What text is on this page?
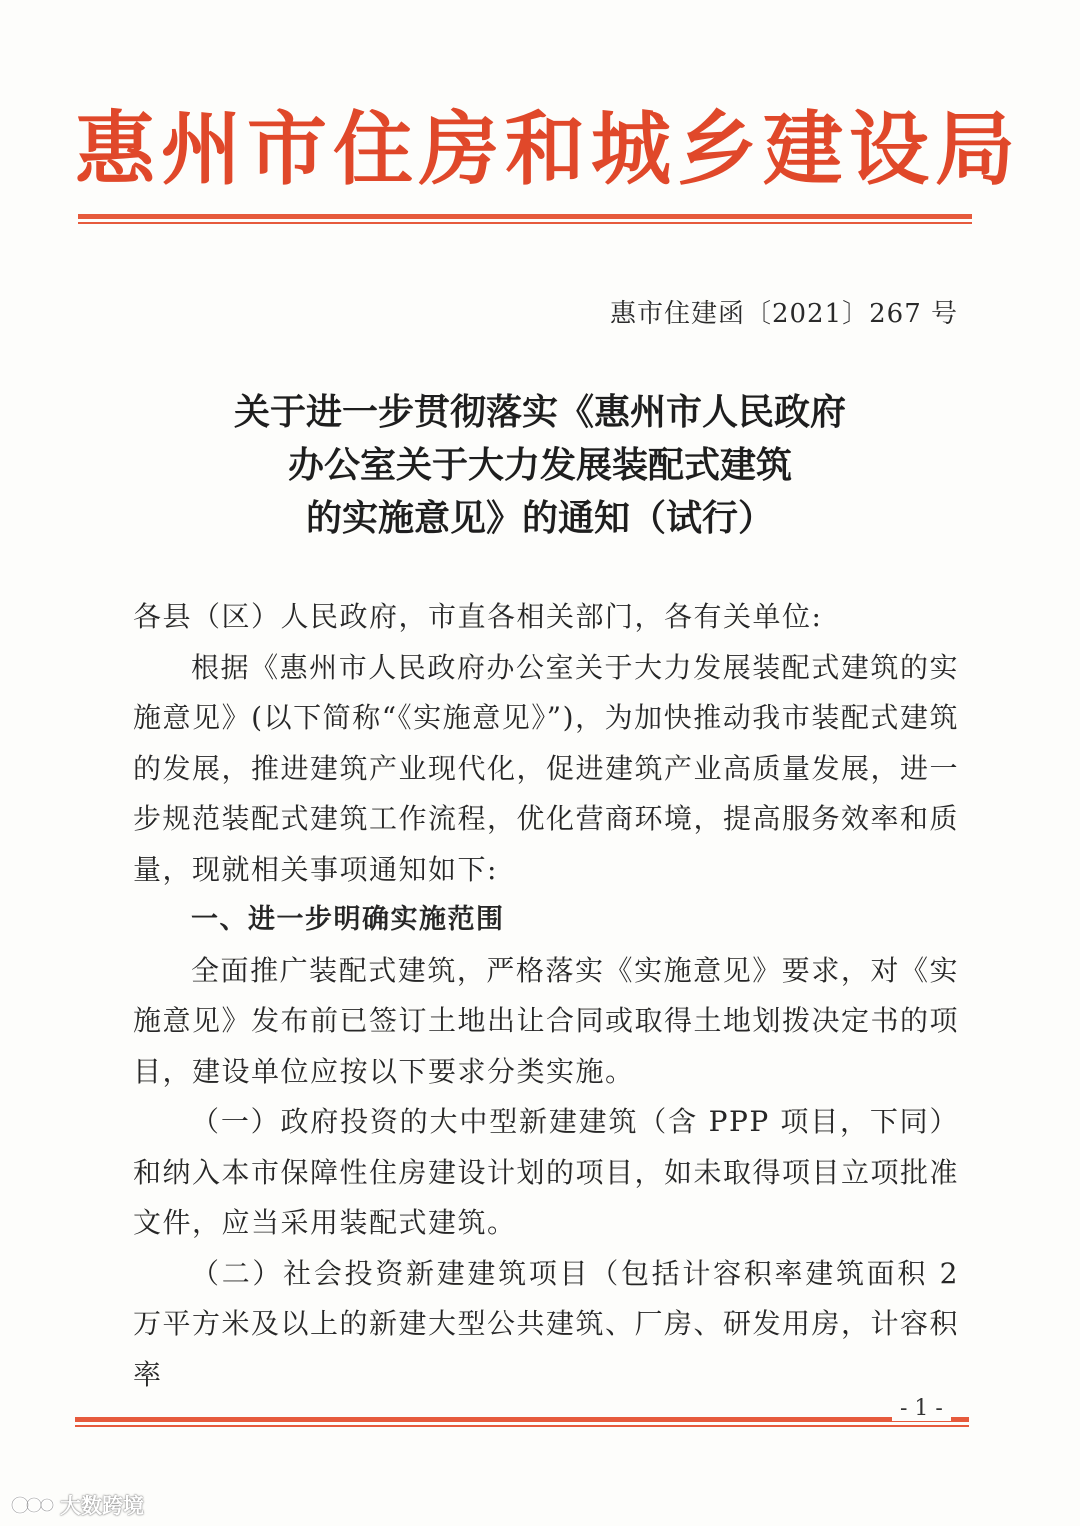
惠州市住房和城乡建设局
惠市住建函〔2021〕267 号
关于进一步贯彻落实《惠州市人民政府
办公室关于大力发展装配式建筑
的实施意见》的通知（试行）

各县（区）人民政府，市直各相关部门，各有关单位:

根据《惠州市人民政府办公室关于大力发展装配式建筑的实施意见》(以下简称“《实施意见》”)，为加快推动我市装配式建筑的发展，推进建筑产业现代化，促进建筑产业高质量发展，进一步规范装配式建筑工作流程，优化营商环境，提高服务效率和质量，现就相关事项通知如下:

一、进一步明确实施范围

全面推广装配式建筑，严格落实《实施意见》要求，对《实施意见》发布前已签订土地出让合同或取得土地划拨决定书的项目，建设单位应按以下要求分类实施。

（一）政府投资的大中型新建建筑（含 PPP 项目，下同）和纳入本市保障性住房建设计划的项目，如未取得项目立项批准文件，应当采用装配式建筑。

（二）社会投资新建建筑项目（包括计容积率建筑面积 2 万平方米及以上的新建大型公共建筑、厂房、研发用房，计容积率

- 1 -
大数跨境
